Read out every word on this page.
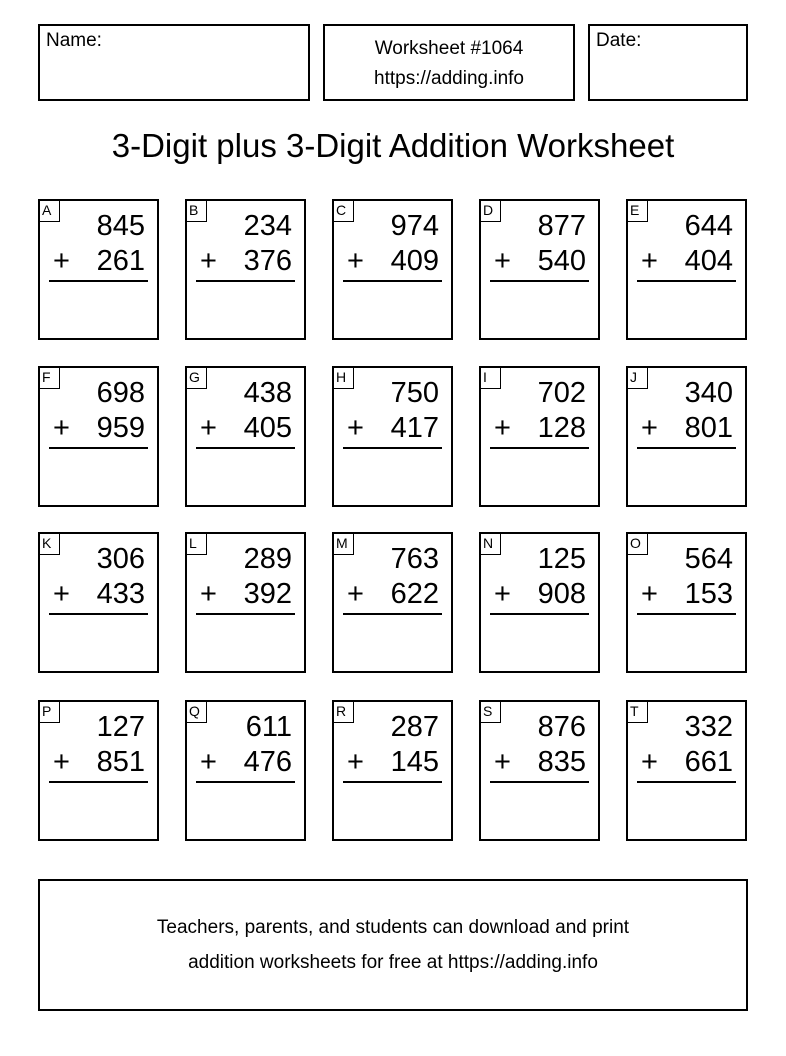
Name:	Worksheet #1064
https://adding.info
Date:
3-Digit plus 3-Digit Addition Worksheet
A 845
+ 261
B 234
+ 376
C 974
+ 409
D 877
+ 540
E 644
+ 404
F	698
+ 959
G 438
+ 405
H 750
+ 417
I	702
+ 128
J	340
+ 801
K 306
+ 433
L	289
+ 392
M 763
+ 622
N 125
+ 908
O 564
+ 153
P 127
+ 851
Q 611
+ 476
R 287
+ 145
S 876
+ 835
T	332
+ 661
Teachers, parents, and students can download and print
addition worksheets for free at https://adding.info
